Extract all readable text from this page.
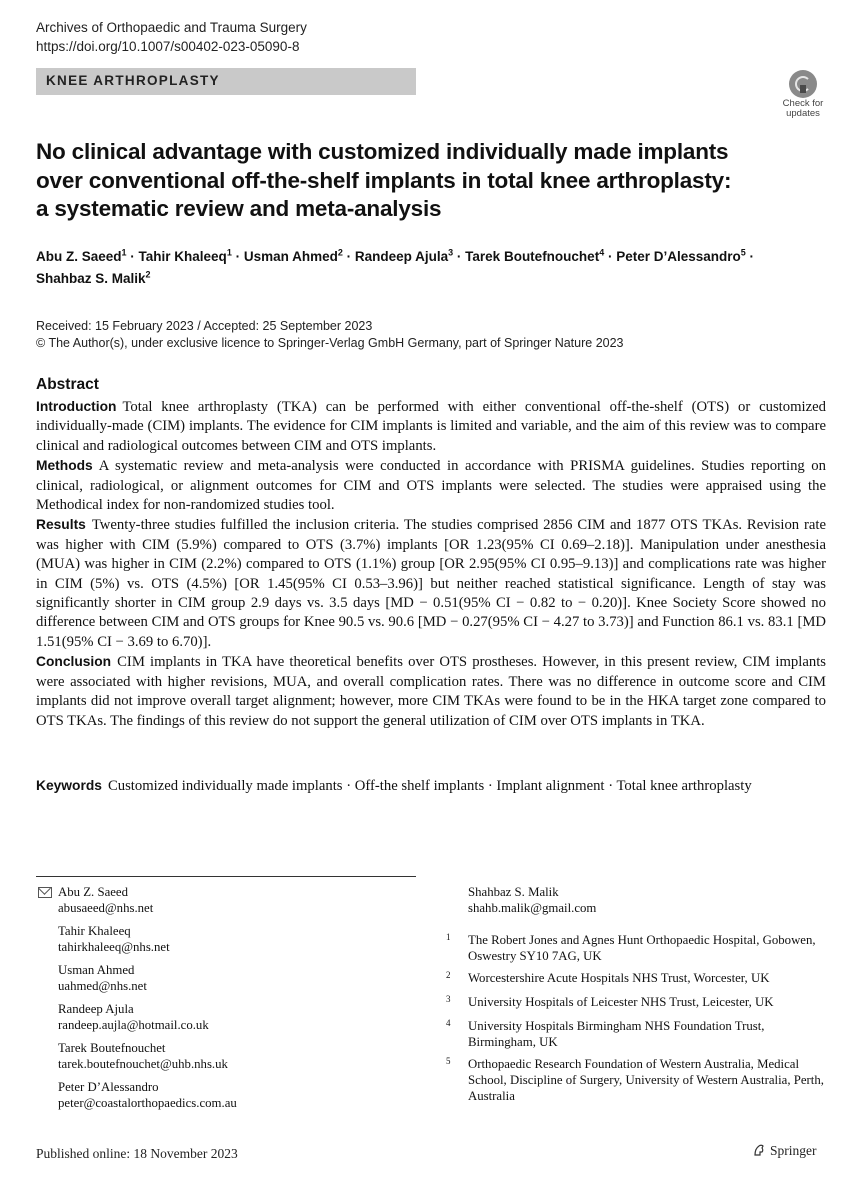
Archives of Orthopaedic and Trauma Surgery
https://doi.org/10.1007/s00402-023-05090-8
KNEE ARTHROPLASTY
Check for
updates
No clinical advantage with customized individually made implants
over conventional off-the-shelf implants in total knee arthroplasty:
a systematic review and meta-analysis
Abu Z. Saeed$^1$ · Tahir Khaleeq$^1$ · Usman Ahmed$^2$ · Randeep Ajula$^3$ · Tarek Boutefnouchet$^4$ · Peter D’Alessandro$^5$ ·
Shahbaz S. Malik$^2$
Received: 15 February 2023 / Accepted: 25 September 2023
© The Author(s), under exclusive licence to Springer-Verlag GmbH Germany, part of Springer Nature 2023
Abstract

Introduction Total knee arthroplasty (TKA) can be performed with either conventional off-the-shelf (OTS) or customized individually-made (CIM) implants. The evidence for CIM implants is limited and variable, and the aim of this review was to compare clinical and radiological outcomes between CIM and OTS implants.

Methods A systematic review and meta-analysis were conducted in accordance with PRISMA guidelines. Studies reporting on clinical, radiological, or alignment outcomes for CIM and OTS implants were selected. The studies were appraised using the Methodical index for non-randomized studies tool.

Results Twenty-three studies fulfilled the inclusion criteria. The studies comprised 2856 CIM and 1877 OTS TKAs. Revision rate was higher with CIM (5.9%) compared to OTS (3.7%) implants [OR 1.23(95% CI 0.69–2.18)]. Manipulation under anesthesia (MUA) was higher in CIM (2.2%) compared to OTS (1.1%) group [OR 2.95(95% CI 0.95–9.13)] and complications rate was higher in CIM (5%) vs. OTS (4.5%) [OR 1.45(95% CI 0.53–3.96)] but neither reached statistical significance. Length of stay was significantly shorter in CIM group 2.9 days vs. 3.5 days [MD − 0.51(95% CI − 0.82 to − 0.20)]. Knee Society Score showed no difference between CIM and OTS groups for Knee 90.5 vs. 90.6 [MD − 0.27(95% CI − 4.27 to 3.73)] and Function 86.1 vs. 83.1 [MD 1.51(95% CI − 3.69 to 6.70)].

Conclusion CIM implants in TKA have theoretical benefits over OTS prostheses. However, in this present review, CIM implants were associated with higher revisions, MUA, and overall complication rates. There was no difference in outcome score and CIM implants did not improve overall target alignment; however, more CIM TKAs were found to be in the HKA target zone compared to OTS TKAs. The findings of this review do not support the general utilization of CIM over OTS implants in TKA.

Keywords Customized individually made implants · Off-the shelf implants · Implant alignment · Total knee arthroplasty
Abu Z. Saeed
abusaeed@nhs.net
Tahir Khaleeq
tahirkhaleeq@nhs.net
Usman Ahmed
uahmed@nhs.net
Randeep Ajula
randeep.aujla@hotmail.co.uk
Tarek Boutefnouchet
tarek.boutefnouchet@uhb.nhs.uk
Peter D’Alessandro
peter@coastalorthopaedics.com.au
Shahbaz S. Malik
shahb.malik@gmail.com
1 The Robert Jones and Agnes Hunt Orthopaedic Hospital, Gobowen, Oswestry SY10 7AG, UK
2 Worcestershire Acute Hospitals NHS Trust, Worcester, UK
3 University Hospitals of Leicester NHS Trust, Leicester, UK
4 University Hospitals Birmingham NHS Foundation Trust, Birmingham, UK
5 Orthopaedic Research Foundation of Western Australia, Medical School, Discipline of Surgery, University of Western Australia, Perth, Australia
Published online: 18 November 2023	Springer
